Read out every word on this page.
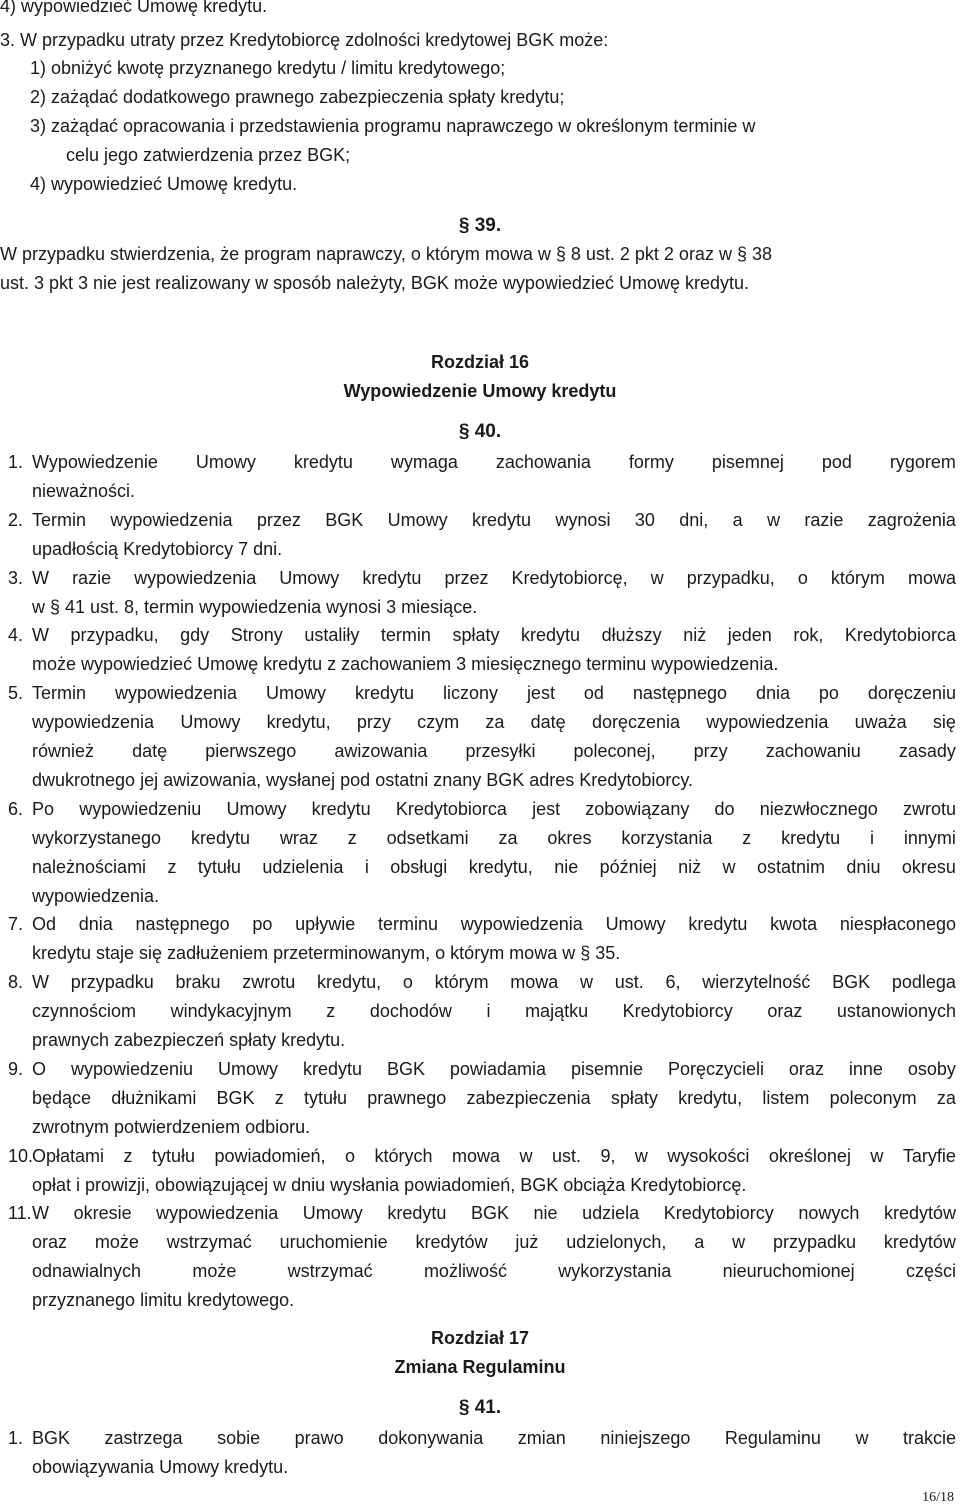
4) wypowiedzieć Umowę kredytu.
3. W przypadku utraty przez Kredytobiorcę zdolności kredytowej BGK może:
1) obniżyć kwotę przyznanego kredytu / limitu kredytowego;
2) zażądać dodatkowego prawnego zabezpieczenia spłaty kredytu;
3) zażądać opracowania i przedstawienia programu naprawczego w określonym terminie w
celu jego zatwierdzenia przez BGK;
4) wypowiedzieć Umowę kredytu.
§ 39.
W przypadku stwierdzenia, że program naprawczy, o którym mowa w § 8 ust. 2 pkt 2 oraz w § 38
ust. 3 pkt 3 nie jest realizowany w sposób należyty, BGK może wypowiedzieć Umowę kredytu.
Rozdział 16
Wypowiedzenie Umowy kredytu
§ 40.
1. Wypowiedzenie Umowy kredytu wymaga zachowania formy pisemnej pod rygorem
nieważności.
2. Termin wypowiedzenia przez BGK Umowy kredytu wynosi 30 dni, a w razie zagrożenia
upadłością Kredytobiorcy 7 dni.
3. W razie wypowiedzenia Umowy kredytu przez Kredytobiorcę, w przypadku, o którym mowa
w § 41 ust. 8, termin wypowiedzenia wynosi 3 miesiące.
4. W przypadku, gdy Strony ustaliły termin spłaty kredytu dłuższy niż jeden rok, Kredytobiorca
może wypowiedzieć Umowę kredytu z zachowaniem 3 miesięcznego terminu wypowiedzenia.
5. Termin wypowiedzenia Umowy kredytu liczony jest od następnego dnia po doręczeniu
wypowiedzenia Umowy kredytu, przy czym za datę doręczenia wypowiedzenia uważa się
również datę pierwszego awizowania przesyłki poleconej, przy zachowaniu zasady
dwukrotnego jej awizowania, wysłanej pod ostatni znany BGK adres Kredytobiorcy.
6. Po wypowiedzeniu Umowy kredytu Kredytobiorca jest zobowiązany do niezwłocznego zwrotu
wykorzystanego kredytu wraz z odsetkami za okres korzystania z kredytu i innymi
należnościami z tytułu udzielenia i obsługi kredytu, nie później niż w ostatnim dniu okresu
wypowiedzenia.
7. Od dnia następnego po upływie terminu wypowiedzenia Umowy kredytu kwota niespłaconego
kredytu staje się zadłużeniem przeterminowanym, o którym mowa w § 35.
8. W przypadku braku zwrotu kredytu, o którym mowa w ust. 6, wierzytelność BGK podlega
czynnościom windykacyjnym z dochodów i majątku Kredytobiorcy oraz ustanowionych
prawnych zabezpieczeń spłaty kredytu.
9. O wypowiedzeniu Umowy kredytu BGK powiadamia pisemnie Poręczycieli oraz inne osoby
będące dłużnikami BGK z tytułu prawnego zabezpieczenia spłaty kredytu, listem poleconym za
zwrotnym potwierdzeniem odbioru.
10.
Opłatami z tytułu powiadomień, o których mowa w ust. 9, w wysokości określonej w Taryfie
opłat i prowizji, obowiązującej w dniu wysłania powiadomień, BGK obciąża Kredytobiorcę.
11. W okresie wypowiedzenia Umowy kredytu BGK nie udziela Kredytobiorcy nowych kredytów
oraz może wstrzymać uruchomienie kredytów już udzielonych, a w przypadku kredytów
odnawialnych	może	wstrzymać	możliwość	wykorzystania	nieuruchomionej	części
przyznanego limitu kredytowego.
Rozdział 17
Zmiana Regulaminu
§ 41.
1. BGK zastrzega sobie prawo dokonywania zmian niniejszego Regulaminu w trakcie
obowiązywania Umowy kredytu.
16/18
